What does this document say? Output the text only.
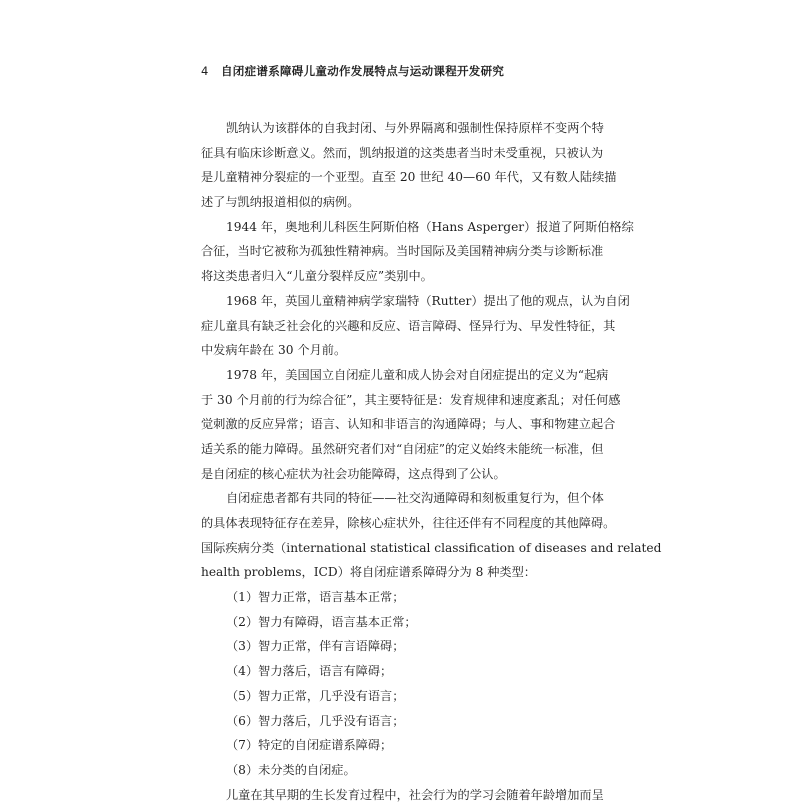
4 自闭症谱系障碍儿童动作发展特点与运动课程开发研究
凯纳认为该群体的自我封闭、与外界隔离和强制性保持原样不变两个特
征具有临床诊断意义。然而，凯纳报道的这类患者当时未受重视，只被认为
是儿童精神分裂症的一个亚型。直至 20 世纪 40—60 年代，又有数人陆续描
述了与凯纳报道相似的病例。
1944 年，奥地利儿科医生阿斯伯格（Hans Asperger）报道了阿斯伯格综
合征，当时它被称为孤独性精神病。当时国际及美国精神病分类与诊断标准
将这类患者归入“儿童分裂样反应”类别中。
1968 年，英国儿童精神病学家瑞特（Rutter）提出了他的观点，认为自闭
症儿童具有缺乏社会化的兴趣和反应、语言障碍、怪异行为、早发性特征，其
中发病年龄在 30 个月前。
1978 年，美国国立自闭症儿童和成人协会对自闭症提出的定义为“起病
于 30 个月前的行为综合征”，其主要特征是：发育规律和速度紊乱；对任何感
觉刺激的反应异常；语言、认知和非语言的沟通障碍；与人、事和物建立起合
适关系的能力障碍。虽然研究者们对“自闭症”的定义始终未能统一标准，但
是自闭症的核心症状为社会功能障碍，这点得到了公认。
自闭症患者都有共同的特征——社交沟通障碍和刻板重复行为，但个体
的具体表现特征存在差异，除核心症状外，往往还伴有不同程度的其他障碍。
国际疾病分类（international statistical classification of diseases and related
health problems，ICD）将自闭症谱系障碍分为 8 种类型：
（1）智力正常，语言基本正常；
（2）智力有障碍，语言基本正常；
（3）智力正常，伴有言语障碍；
（4）智力落后，语言有障碍；
（5）智力正常，几乎没有语言；
（6）智力落后，几乎没有语言；
（7）特定的自闭症谱系障碍；
（8）未分类的自闭症。
儿童在其早期的生长发育过程中，社会行为的学习会随着年龄增加而呈
